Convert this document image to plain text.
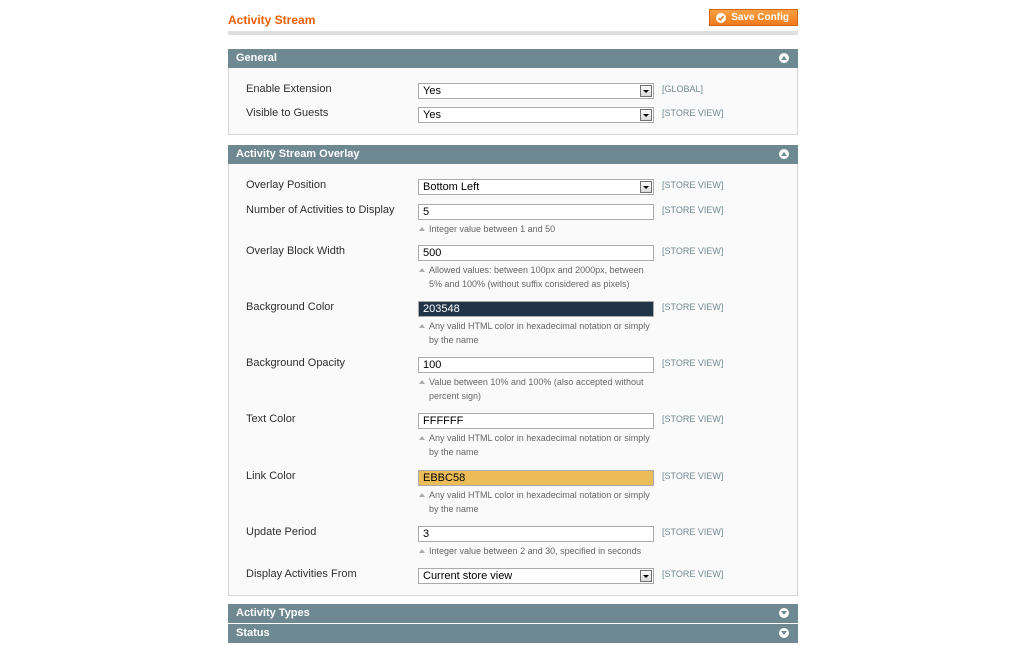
Activity Stream	Save Config
General
Enable Extension	Yes	[GLOBAL]
Visible to Guests	Yes	[STORE VIEW]
Activity Stream Overlay
Overlay Position	Bottom Left	[STORE VIEW]
Number of Activities to Display	5	[STORE VIEW]
Integer value between 1 and 50
Overlay Block Width	500	[STORE VIEW]
Allowed values: between 100px and 2000px, between
5% and 100% (without suffix considered as pixels)
Background Color	203548	[STORE VIEW]
Any valid HTML color in hexadecimal notation or simply
by the name
Background Opacity	100	[STORE VIEW]
Value between 10% and 100% (also accepted without
percent sign)
Text Color	FFFFFF	[STORE VIEW]
Any valid HTML color in hexadecimal notation or simply
by the name
Link Color	EBBC58	[STORE VIEW]
Any valid HTML color in hexadecimal notation or simply
by the name
Update Period	3	[STORE VIEW]
Integer value between 2 and 30, specified in seconds
Display Activities From	Current store view	[STORE VIEW]
Activity Types
Status
